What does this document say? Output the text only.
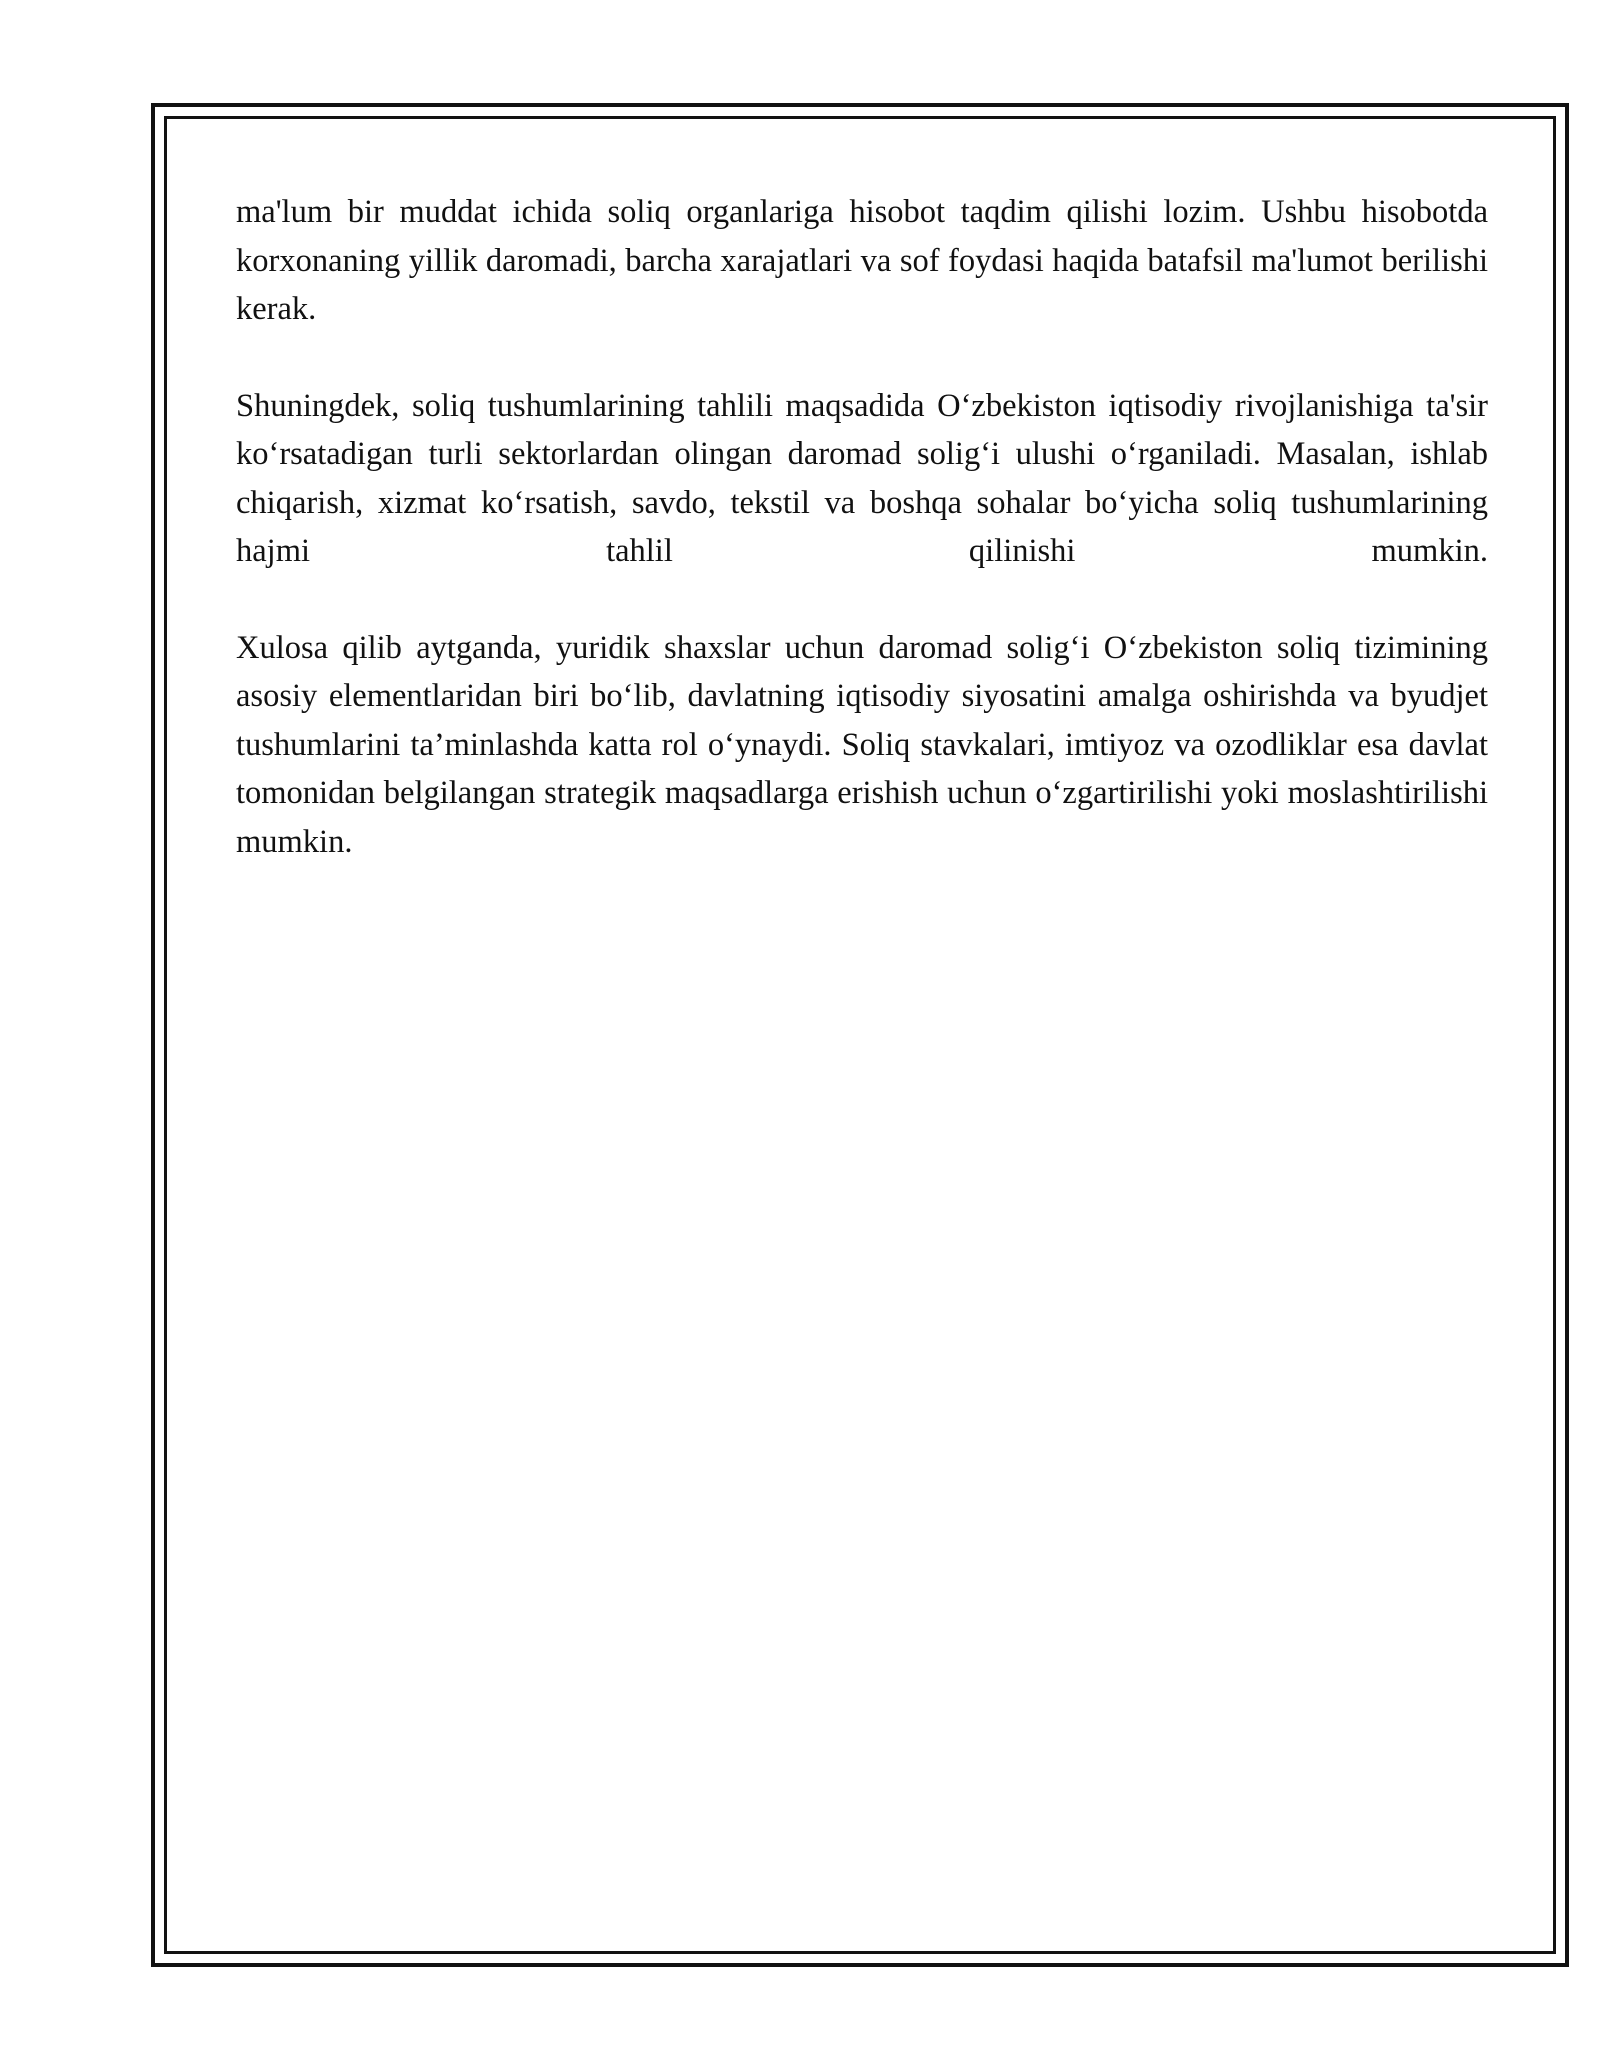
ma'lum bir muddat ichida soliq organlariga hisobot taqdim qilishi lozim. Ushbu hisobotda korxonaning yillik daromadi, barcha xarajatlari va sof foydasi haqida batafsil ma'lumot berilishi kerak.

Shuningdek, soliq tushumlarining tahlili maqsadida O‘zbekiston iqtisodiy rivojlanishiga ta'sir ko‘rsatadigan turli sektorlardan olingan daromad solig‘i ulushi o‘rganiladi. Masalan, ishlab chiqarish, xizmat ko‘rsatish, savdo, tekstil va boshqa sohalar bo‘yicha soliq tushumlarining hajmi tahlil qilinishi mumkin.

Xulosa qilib aytganda, yuridik shaxslar uchun daromad solig‘i O‘zbekiston soliq tizimining asosiy elementlaridan biri bo‘lib, davlatning iqtisodiy siyosatini amalga oshirishda va byudjet tushumlarini ta’minlashda katta rol o‘ynaydi. Soliq stavkalari, imtiyoz va ozodliklar esa davlat tomonidan belgilangan strategik maqsadlarga erishish uchun o‘zgartirilishi yoki moslashtirilishi mumkin.
